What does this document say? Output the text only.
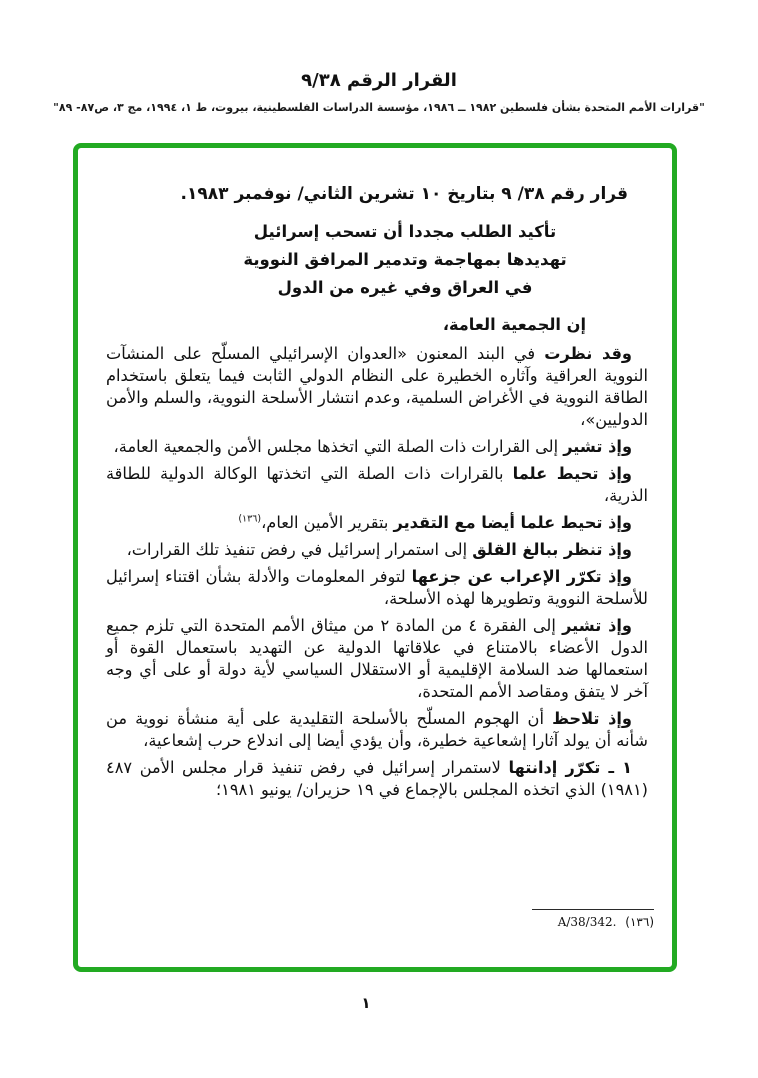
القرار الرقم ٣٨‏/‏٩
"قرارات الأمم المتحدة بشأن فلسطين ١٩٨٢ ــ ١٩٨٦، مؤسسة الدراسات الفلسطينية، بيروت، ط ١، ١٩٩٤، مج ٣، ص٨٧- ٨٩"
قرار رقم ٣٨‏/ ٩ بتاريخ ١٠ تشرين الثاني/ نوفمبر ١٩٨٣.
تأكيد الطلب مجددا أن تسحب إسرائيل
تهديدها بمهاجمة وتدمير المرافق النووية
في العراق وفي غيره من الدول

إن الجمعية العامة،

وقد نظرت في البند المعنون «العدوان الإسرائيلي المسلّح على المنشآت النووية العراقية وآثاره الخطيرة على النظام الدولي الثابت فيما يتعلق باستخدام الطاقة النووية في الأغراض السلمية، وعدم انتشار الأسلحة النووية، والسلم والأمن الدوليين»،

وإذ تشير إلى القرارات ذات الصلة التي اتخذها مجلس الأمن والجمعية العامة،

وإذ تحيط علما بالقرارات ذات الصلة التي اتخذتها الوكالة الدولية للطاقة الذرية،

وإذ تحيط علما أيضا مع التقدير بتقرير الأمين العام،$^{(١٣٦)}$

وإذ تنظر ببالغ القلق إلى استمرار إسرائيل في رفض تنفيذ تلك القرارات،

وإذ تكرّر الإعراب عن جزعها لتوفر المعلومات والأدلة بشأن اقتناء إسرائيل للأسلحة النووية وتطويرها لهذه الأسلحة،

وإذ تشير إلى الفقرة ٤ من المادة ٢ من ميثاق الأمم المتحدة التي تلزم جميع الدول الأعضاء بالامتناع في علاقاتها الدولية عن التهديد باستعمال القوة أو استعمالها ضد السلامة الإقليمية أو الاستقلال السياسي لأية دولة أو على أي وجه آخر لا يتفق ومقاصد الأمم المتحدة،

وإذ تلاحظ أن الهجوم المسلّح بالأسلحة التقليدية على أية منشأة نووية من شأنه أن يولد آثارا إشعاعية خطيرة، وأن يؤدي أيضا إلى اندلاع حرب إشعاعية،

١ ـ تكرّر إدانتها لاستمرار إسرائيل في رفض تنفيذ قرار مجلس الأمن ٤٨٧ (١٩٨١) الذي اتخذه المجلس بالإجماع في ١٩ حزيران/ يونيو ١٩٨١؛

(١٣٦) A/38/342.
١
